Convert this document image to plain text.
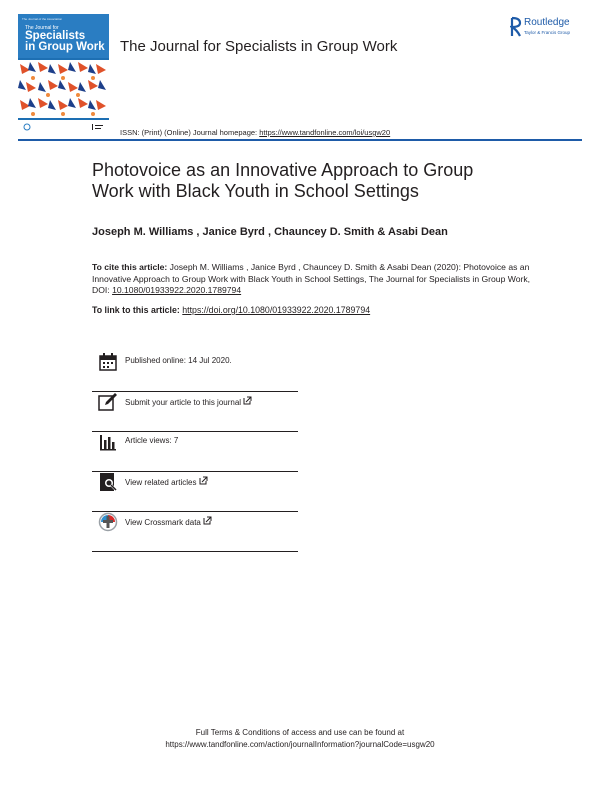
The Journal of the Association
The Journal for
Specialists
in Group Work The Journal for Specialists in Group Work
Routledge
Taylor & Francis Group
ISSN: (Print) (Online) Journal homepage: https://www.tandfonline.com/loi/usgw20
Photovoice as an Innovative Approach to Group Work with Black Youth in School Settings
Joseph M. Williams , Janice Byrd , Chauncey D. Smith & Asabi Dean
To cite this article: Joseph M. Williams , Janice Byrd , Chauncey D. Smith & Asabi Dean (2020): Photovoice as an Innovative Approach to Group Work with Black Youth in School Settings, The Journal for Specialists in Group Work, DOI: 10.1080/01933922.2020.1789794
To link to this article: https://doi.org/10.1080/01933922.2020.1789794
Published online: 14 Jul 2020.
Submit your article to this journal
Article views: 7
View related articles
View Crossmark data
Full Terms & Conditions of access and use can be found at
https://www.tandfonline.com/action/journalInformation?journalCode=usgw20
